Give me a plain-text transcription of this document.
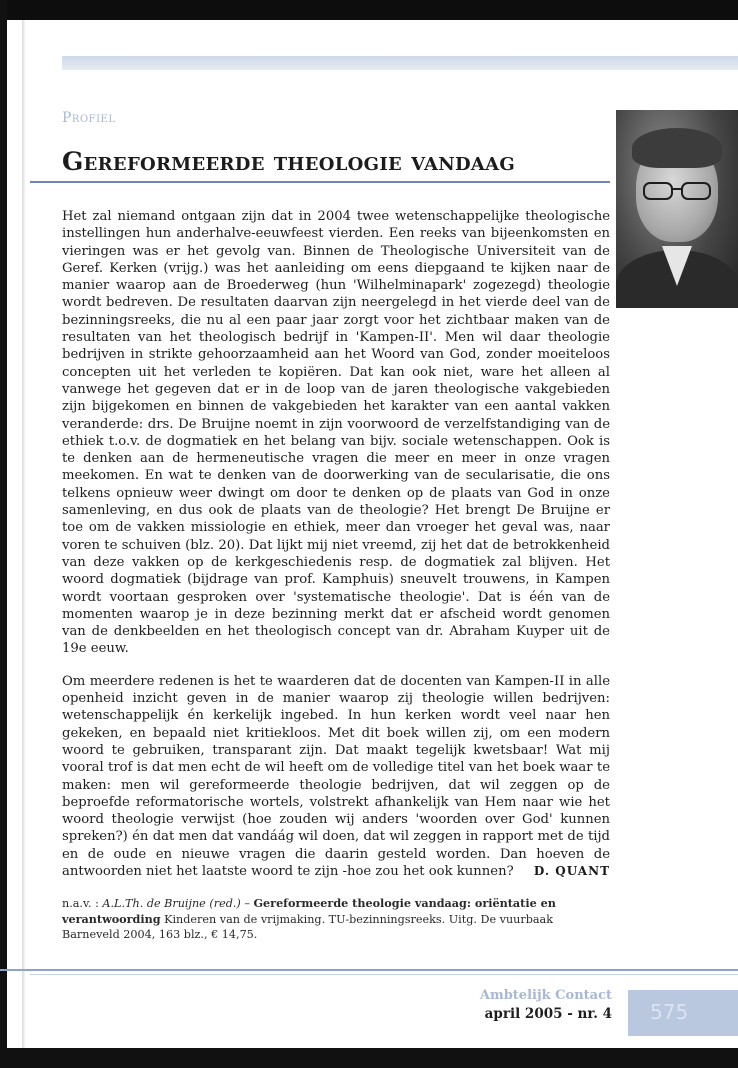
Profiel
Gereformeerde theologie vandaag

Het zal niemand ontgaan zijn dat in 2004 twee wetenschappelijke theologische instellingen hun anderhalve-eeuwfeest vierden. Een reeks van bijeenkomsten en vieringen was er het gevolg van. Binnen de Theologische Universiteit van de Geref. Kerken (vrijg.) was het aanleiding om eens diepgaand te kijken naar de manier waarop aan de Broederweg (hun 'Wilhelminapark' zogezegd) theologie wordt bedreven. De resultaten daarvan zijn neergelegd in het vierde deel van de bezinningsreeks, die nu al een paar jaar zorgt voor het zichtbaar maken van de resultaten van het theologisch bedrijf in 'Kampen-II'. Men wil daar theologie bedrijven in strikte gehoorzaamheid aan het Woord van God, zonder moeiteloos concepten uit het verleden te kopiëren. Dat kan ook niet, ware het alleen al vanwege het gegeven dat er in de loop van de jaren theologische vakgebieden zijn bijgekomen en binnen de vakgebieden het karakter van een aantal vakken veranderde: drs. De Bruijne noemt in zijn voorwoord de verzelfstandiging van de ethiek t.o.v. de dogmatiek en het belang van bijv. sociale wetenschappen. Ook is te denken aan de hermeneutische vragen die meer en meer in onze vragen meekomen. En wat te denken van de doorwerking van de secularisatie, die ons telkens opnieuw weer dwingt om door te denken op de plaats van God in onze samenleving, en dus ook de plaats van de theologie? Het brengt De Bruijne er toe om de vakken missiologie en ethiek, meer dan vroeger het geval was, naar voren te schuiven (blz. 20). Dat lijkt mij niet vreemd, zij het dat de betrokkenheid van deze vakken op de kerkgeschiedenis resp. de dogmatiek zal blijven. Het woord dogmatiek (bijdrage van prof. Kamphuis) sneuvelt trouwens, in Kampen wordt voortaan gesproken over 'systematische theologie'. Dat is één van de momenten waarop je in deze bezinning merkt dat er afscheid wordt genomen van de denkbeelden en het theologisch concept van dr. Abraham Kuyper uit de 19e eeuw.

Om meerdere redenen is het te waarderen dat de docenten van Kampen-II in alle openheid inzicht geven in de manier waarop zij theologie willen bedrijven: wetenschappelijk én kerkelijk ingebed. In hun kerken wordt veel naar hen gekeken, en bepaald niet kritiekloos. Met dit boek willen zij, om een modern woord te gebruiken, transparant zijn. Dat maakt tegelijk kwetsbaar! Wat mij vooral trof is dat men echt de wil heeft om de volledige titel van het boek waar te maken: men wil gereformeerde theologie bedrijven, dat wil zeggen op de beproefde reformatorische wortels, volstrekt afhankelijk van Hem naar wie het woord theologie verwijst (hoe zouden wij anders 'woorden over God' kunnen spreken?) én dat men dat vandáág wil doen, dat wil zeggen in rapport met de tijd en de oude en nieuwe vragen die daarin gesteld worden. Dan hoeven de antwoorden niet het laatste woord te zijn -hoe zou het ook kunnen?	D. QUANT
n.a.v. : A.L.Th. de Bruijne (red.) – Gereformeerde theologie vandaag: oriëntatie en verantwoording Kinderen van de vrijmaking. TU-bezinningsreeks. Uitg. De vuurbaak Barneveld 2004, 163 blz., € 14,75.
Ambtelijk Contact
april 2005 - nr. 4 575
